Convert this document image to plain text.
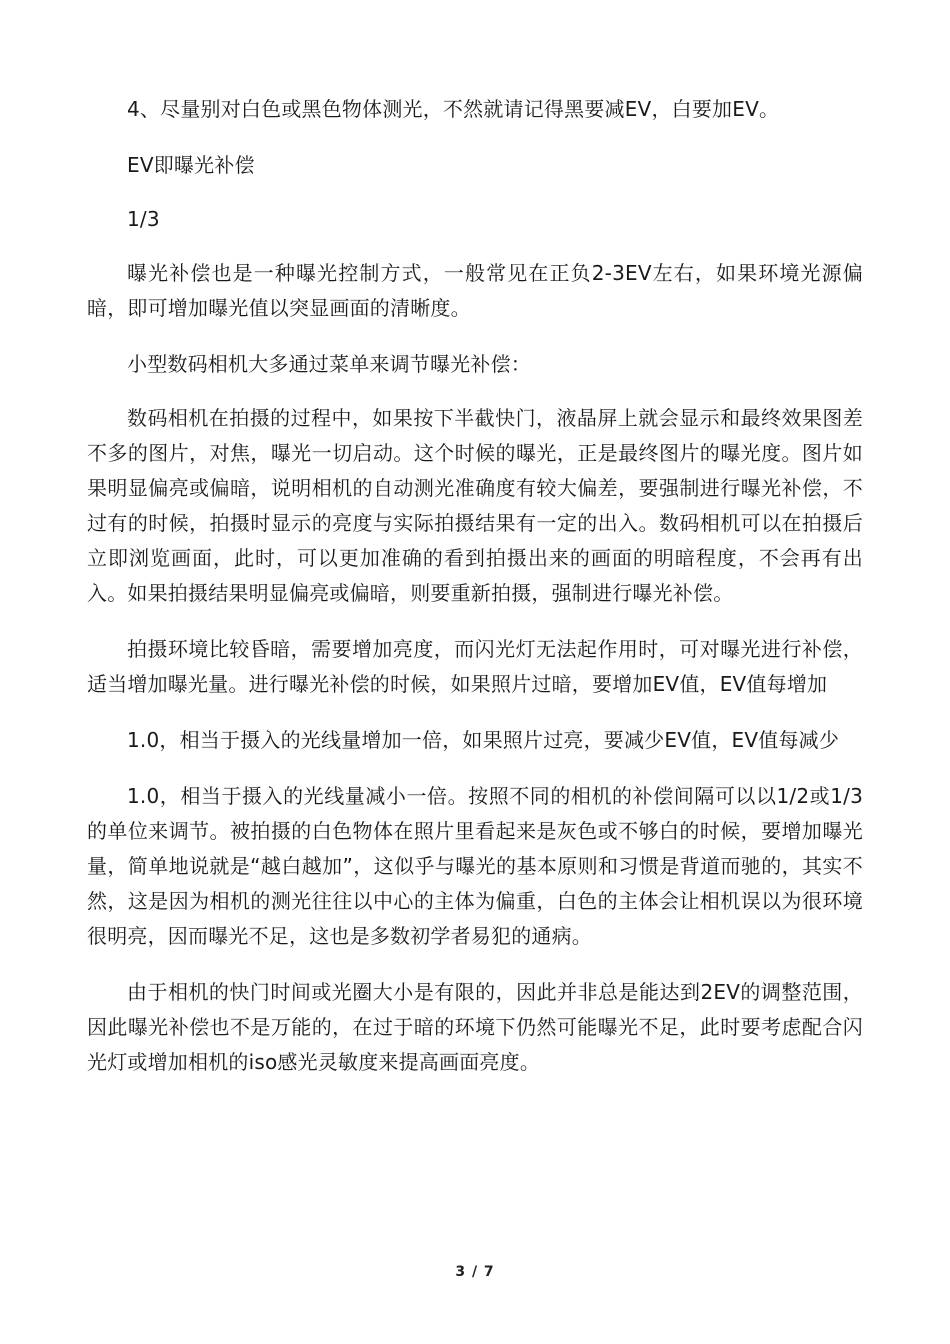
4、尽量别对白色或黑色物体测光，不然就请记得黑要减EV，白要加EV。

EV即曝光补偿

1/3

曝光补偿也是一种曝光控制方式，一般常见在正负2-3EV左右，如果环境光源偏暗，即可增加曝光值以突显画面的清晰度。

小型数码相机大多通过菜单来调节曝光补偿：

数码相机在拍摄的过程中，如果按下半截快门，液晶屏上就会显示和最终效果图差不多的图片，对焦，曝光一切启动。这个时候的曝光，正是最终图片的曝光度。图片如果明显偏亮或偏暗，说明相机的自动测光准确度有较大偏差，要强制进行曝光补偿，不过有的时候，拍摄时显示的亮度与实际拍摄结果有一定的出入。数码相机可以在拍摄后立即浏览画面，此时，可以更加准确的看到拍摄出来的画面的明暗程度，不会再有出入。如果拍摄结果明显偏亮或偏暗，则要重新拍摄，强制进行曝光补偿。

拍摄环境比较昏暗，需要增加亮度，而闪光灯无法起作用时，可对曝光进行补偿，适当增加曝光量。进行曝光补偿的时候，如果照片过暗，要增加EV值，EV值每增加

1.0，相当于摄入的光线量增加一倍，如果照片过亮，要减少EV值，EV值每减少

1.0，相当于摄入的光线量减小一倍。按照不同的相机的补偿间隔可以以1/2或1/3的单位来调节。被拍摄的白色物体在照片里看起来是灰色或不够白的时候，要增加曝光量，简单地说就是“越白越加”，这似乎与曝光的基本原则和习惯是背道而驰的，其实不然，这是因为相机的测光往往以中心的主体为偏重，白色的主体会让相机误以为很环境很明亮，因而曝光不足，这也是多数初学者易犯的通病。

由于相机的快门时间或光圈大小是有限的，因此并非总是能达到2EV的调整范围，因此曝光补偿也不是万能的，在过于暗的环境下仍然可能曝光不足，此时要考虑配合闪光灯或增加相机的iso感光灵敏度来提高画面亮度。

3 / 7
